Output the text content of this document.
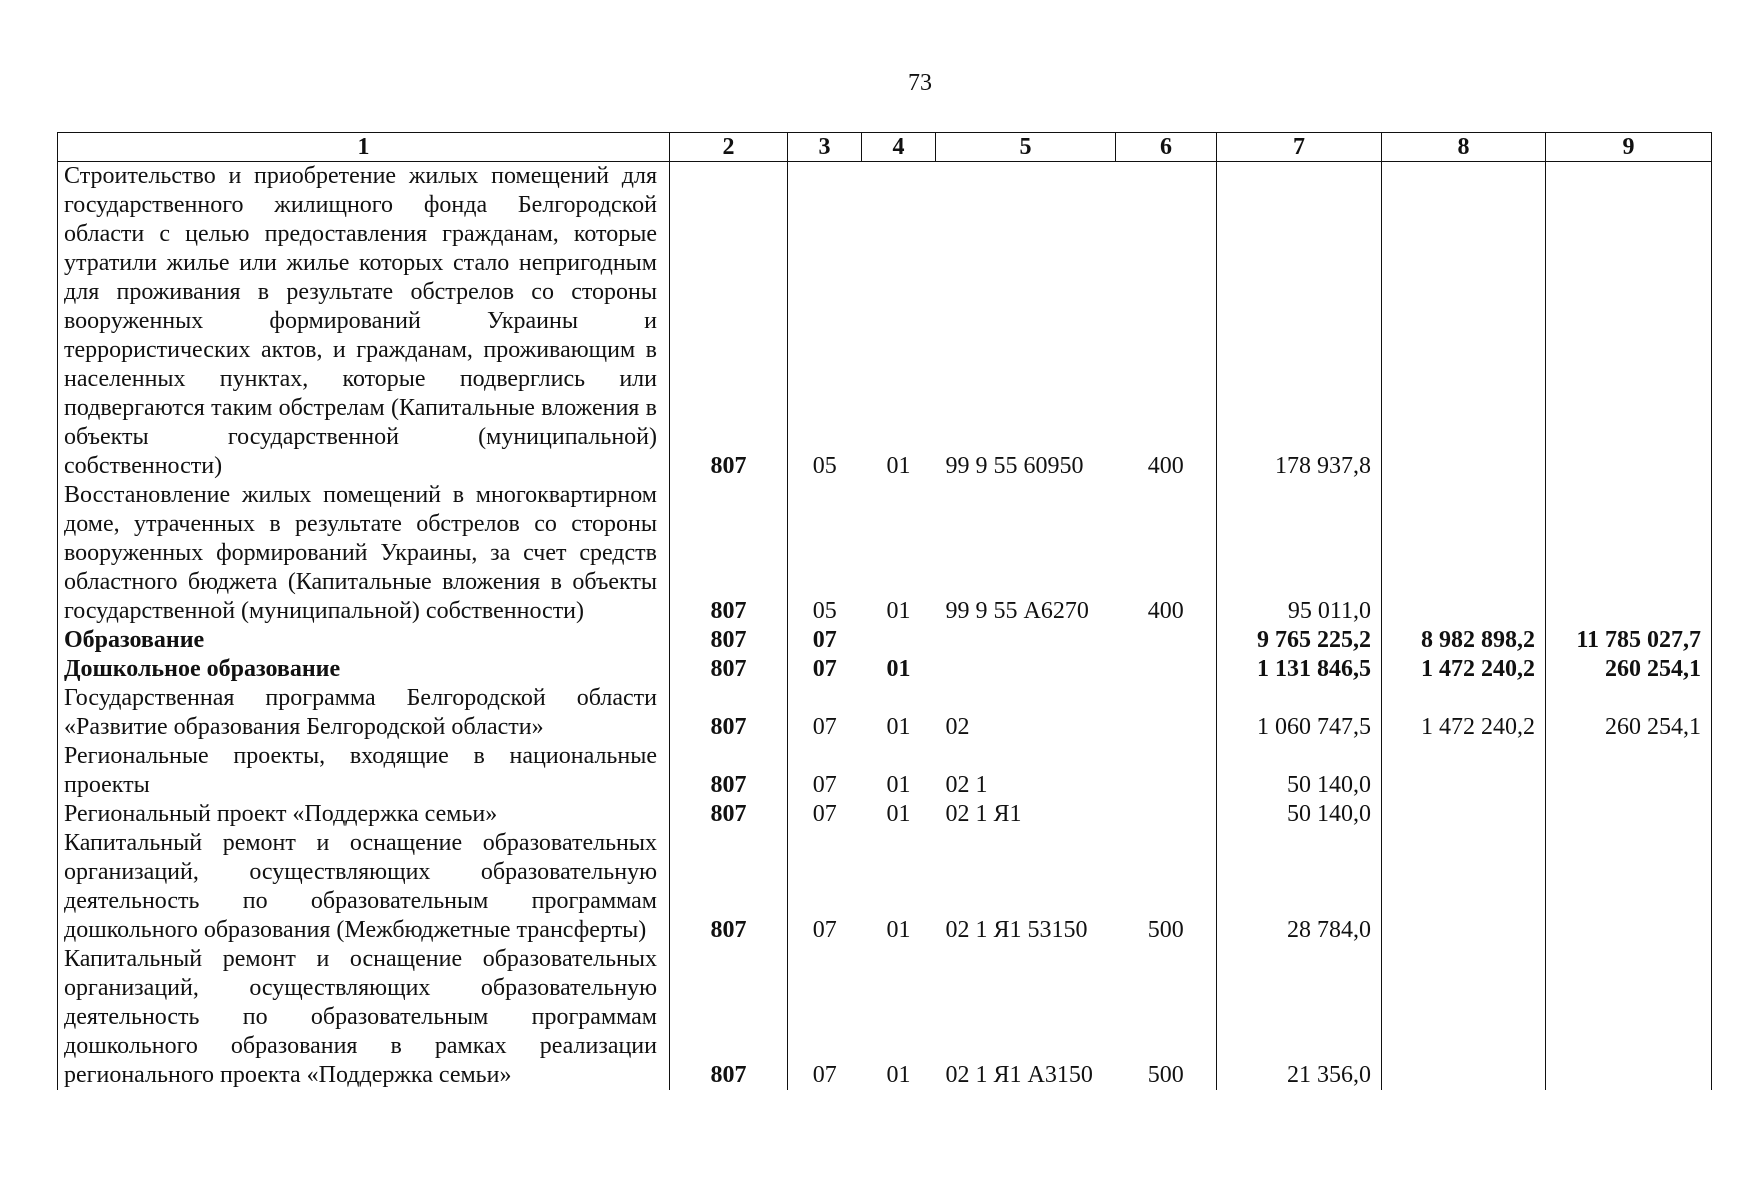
73
1	2	3	4	5	6	7	8	9
Строительство и приобретение жилых помещений для государственного жилищного фонда Белгородской области с целью предоставления гражданам, которые утратили жилье или жилье которых стало непригодным для проживания в результате обстрелов со стороны вооруженных формирований Украины и террористических актов, и гражданам, проживающим в населенных пунктах, которые подверглись или подвергаются таким обстрелам (Капитальные вложения в объекты государственной (муниципальной) собственности)	807	05	01	99 9 55 60950	400	178 937,8		
Восстановление жилых помещений в многоквартирном доме, утраченных в результате обстрелов со стороны вооруженных формирований Украины, за счет средств областного бюджета (Капитальные вложения в объекты государственной (муниципальной) собственности)	807	05	01	99 9 55 А6270	400	95 011,0		
Образование	807	07				9 765 225,2	8 982 898,2	11 785 027,7
Дошкольное образование	807	07	01			1 131 846,5	1 472 240,2	260 254,1
Государственная программа Белгородской области «Развитие образования Белгородской области»	807	07	01	02		1 060 747,5	1 472 240,2	260 254,1
Региональные проекты, входящие в национальные проекты	807	07	01	02 1		50 140,0		
Региональный проект «Поддержка семьи»	807	07	01	02 1 Я1		50 140,0		
Капитальный ремонт и оснащение образовательных организаций, осуществляющих образовательную деятельность по образовательным программам дошкольного образования (Межбюджетные трансферты)	807	07	01	02 1 Я1 53150	500	28 784,0		
Капитальный ремонт и оснащение образовательных организаций, осуществляющих образовательную деятельность по образовательным программам дошкольного образования в рамках реализации регионального проекта «Поддержка семьи»	807	07	01	02 1 Я1 А3150	500	21 356,0		
